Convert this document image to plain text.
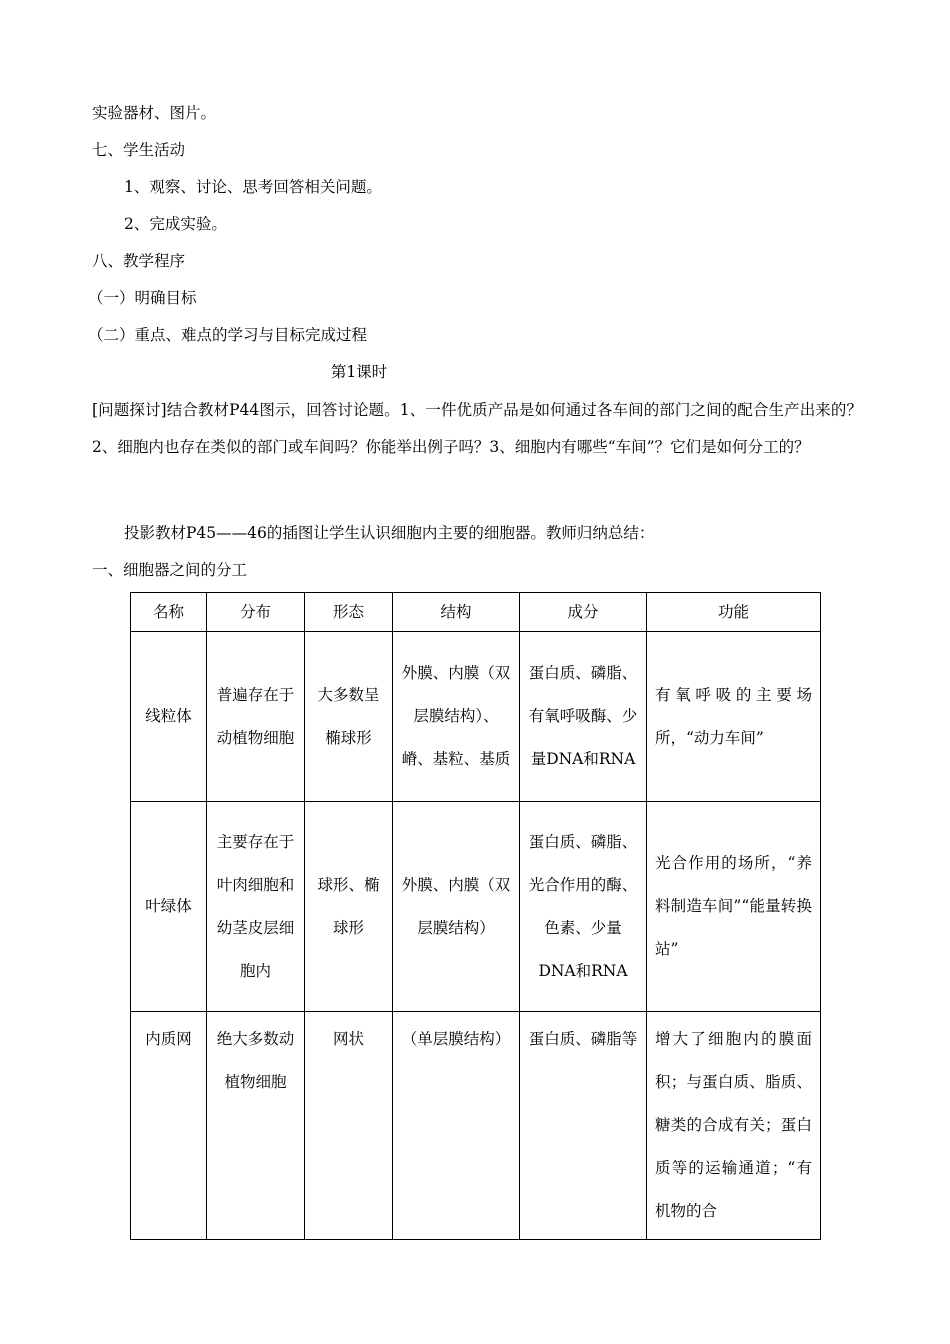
实验器材、图片。
七、学生活动
1、观察、讨论、思考回答相关问题。
2、完成实验。
八、教学程序
（一）明确目标
（二）重点、难点的学习与目标完成过程
第1课时
[问题探讨]结合教材P44图示，回答讨论题。1、一件优质产品是如何通过各车间的部门之间的配合生产出来的？2、细胞内也存在类似的部门或车间吗？你能举出例子吗？3、细胞内有哪些“车间”？它们是如何分工的？
投影教材P45——46的插图让学生认识细胞内主要的细胞器。教师归纳总结：
一、细胞器之间的分工
名称	分布	形态	结构	成分	功能
线粒体	普遍存在于动植物细胞	大多数呈椭球形	外膜、内膜（双层膜结构）、嵴、基粒、基质	蛋白质、磷脂、有氧呼吸酶、少量DNA和RNA	有氧呼吸的主要场所，“动力车间”
叶绿体	主要存在于叶肉细胞和幼茎皮层细胞内	球形、椭球形	外膜、内膜（双层膜结构）	蛋白质、磷脂、光合作用的酶、色素、少量DNA和RNA	光合作用的场所，“养料制造车间”“能量转换站”
内质网	绝大多数动植物细胞	网状	（单层膜结构）	蛋白质、磷脂等	增大了细胞内的膜面积；与蛋白质、脂质、糖类的合成有关；蛋白质等的运输通道；“有机物的合
